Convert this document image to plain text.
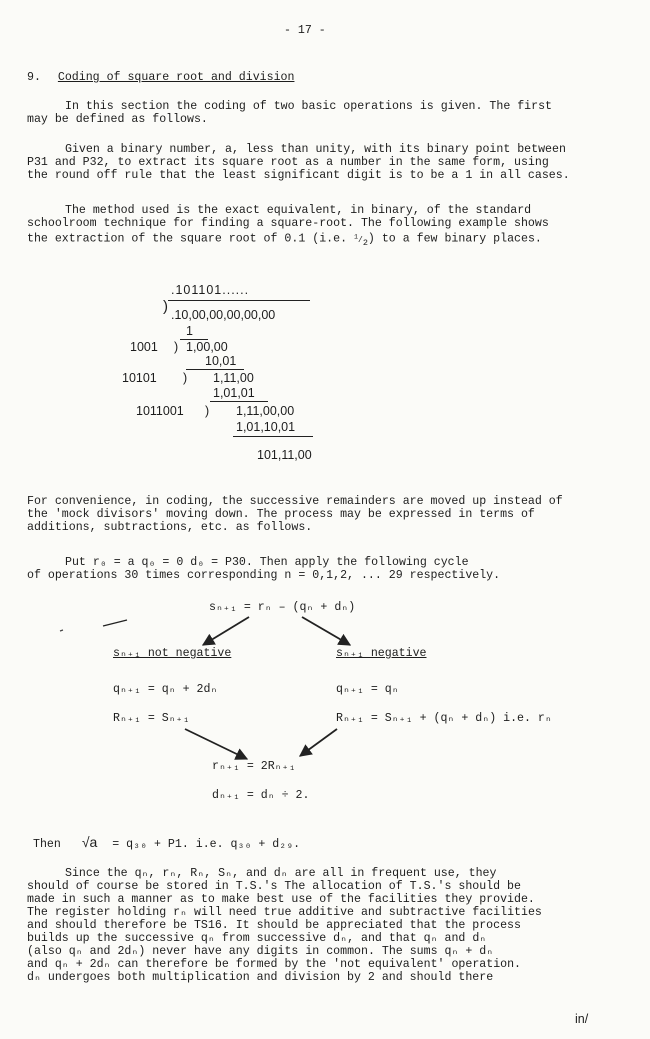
- 17 -
9. Coding of square root and division
In this section the coding of two basic operations is given. The first
may be defined as follows.
Given a binary number, a, less than unity, with its binary point between
P31 and P32, to extract its square root as a number in the same form, using
the round off rule that the least significant digit is to be a 1 in all cases.
The method used is the exact equivalent, in binary, of the standard
schoolroom technique for finding a square-root. The following example shows
the extraction of the square root of 0.1 (i.e. $^1/_2$) to a few binary places.
.101101......
) .10,00,00,00,00,00
1
1001 ) 1,00,00
10,01
10101 ) 1,11,00
1,01,01
1011001 ) 1,11,00,00
1,01,10,01
101,11,00
For convenience, in coding, the successive remainders are moved up instead of
the 'mock divisors' moving down. The process may be expressed in terms of
additions, subtractions, etc. as follows.
Put r₀ = a q₀ = 0 d₀ = P30. Then apply the following cycle
of operations 30 times corresponding n = 0,1,2, ... 29 respectively.
sₙ₊₁ = rₙ – (qₙ + dₙ)
sₙ₊₁ not negative	sₙ₊₁ negative
qₙ₊₁ = qₙ + 2dₙ
Rₙ₊₁ = Sₙ₊₁
qₙ₊₁ = qₙ
Rₙ₊₁ = Sₙ₊₁ + (qₙ + dₙ) i.e. rₙ
rₙ₊₁ = 2Rₙ₊₁
dₙ₊₁ = dₙ ÷ 2.
Then √a = q₃₀ + P1. i.e. q₃₀ + d₂₉.
Since the qₙ, rₙ, Rₙ, Sₙ, and dₙ are all in frequent use, they
should of course be stored in T.S.'s The allocation of T.S.'s should be
made in such a manner as to make best use of the facilities they provide.
The register holding rₙ will need true additive and subtractive facilities
and should therefore be TS16. It should be appreciated that the process
builds up the successive qₙ from successive dₙ, and that qₙ and dₙ
(also qₙ and 2dₙ) never have any digits in common. The sums qₙ + dₙ
and qₙ + 2dₙ can therefore be formed by the 'not equivalent' operation.
dₙ undergoes both multiplication and division by 2 and should there
in/
